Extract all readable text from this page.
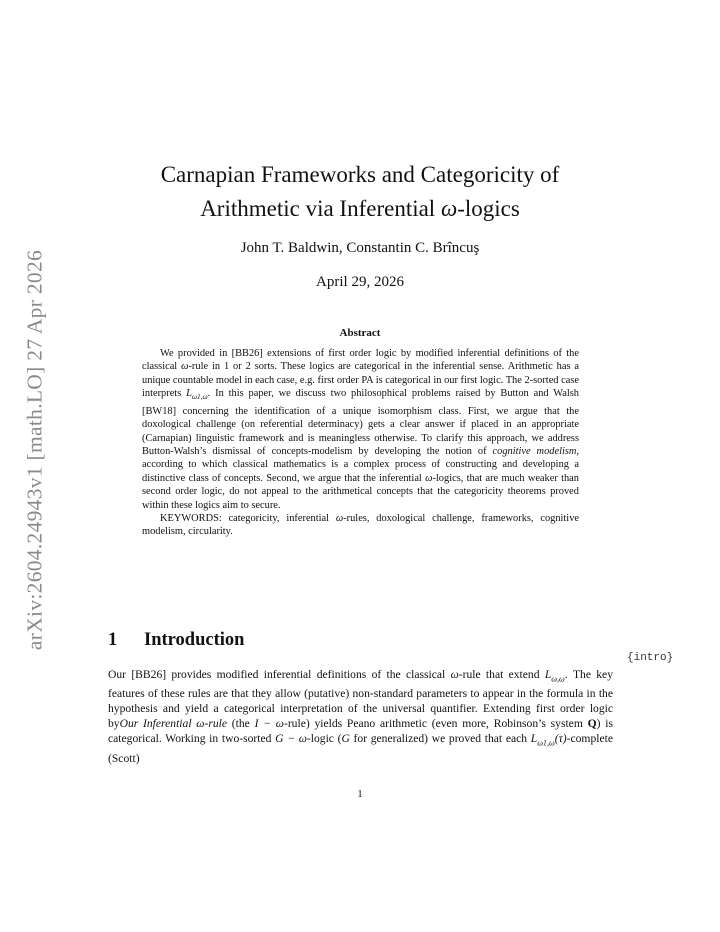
arXiv:2604.24943v1 [math.LO] 27 Apr 2026
Carnapian Frameworks and Categoricity of
Arithmetic via Inferential ω-logics
John T. Baldwin, Constantin C. Brîncuş
April 29, 2026
Abstract

We provided in [BB26] extensions of first order logic by modified inferential definitions of the classical ω-rule in 1 or 2 sorts. These logics are categorical in the inferential sense. Arithmetic has a unique countable model in each case, e.g. first order PA is categorical in our first logic. The 2-sorted case interprets $L_{\omega 1,\omega}$. In this paper, we discuss two philosophical problems raised by Button and Walsh [BW18] concerning the identification of a unique isomorphism class. First, we argue that the doxological challenge (on referential determinacy) gets a clear answer if placed in an appropriate (Carnapian) linguistic framework and is meaningless otherwise. To clarify this approach, we address Button-Walsh’s dismissal of concepts-modelism by developing the notion of cognitive modelism, according to which classical mathematics is a complex process of constructing and developing a distinctive class of concepts. Second, we argue that the inferential ω-logics, that are much weaker than second order logic, do not appeal to the arithmetical concepts that the categoricity theorems proved within these logics aim to secure.

KEYWORDS: categoricity, inferential ω-rules, doxological challenge, frameworks, cognitive modelism, circularity.

1 Introduction
{intro}

Our [BB26] provides modified inferential definitions of the classical ω-rule that extend $L_{\omega,\omega}$. The key features of these rules are that they allow (putative) non-standard parameters to appear in the formula in the hypothesis and yield a categorical interpretation of the universal quantifier. Extending first order logic byOur Inferential ω-rule (the I − ω-rule) yields Peano arithmetic (even more, Robinson’s system Q) is categorical. Working in two-sorted G − ω-logic (G for generalized) we proved that each $L_{\omega 1,\omega}(\tau)$-complete (Scott)

1
